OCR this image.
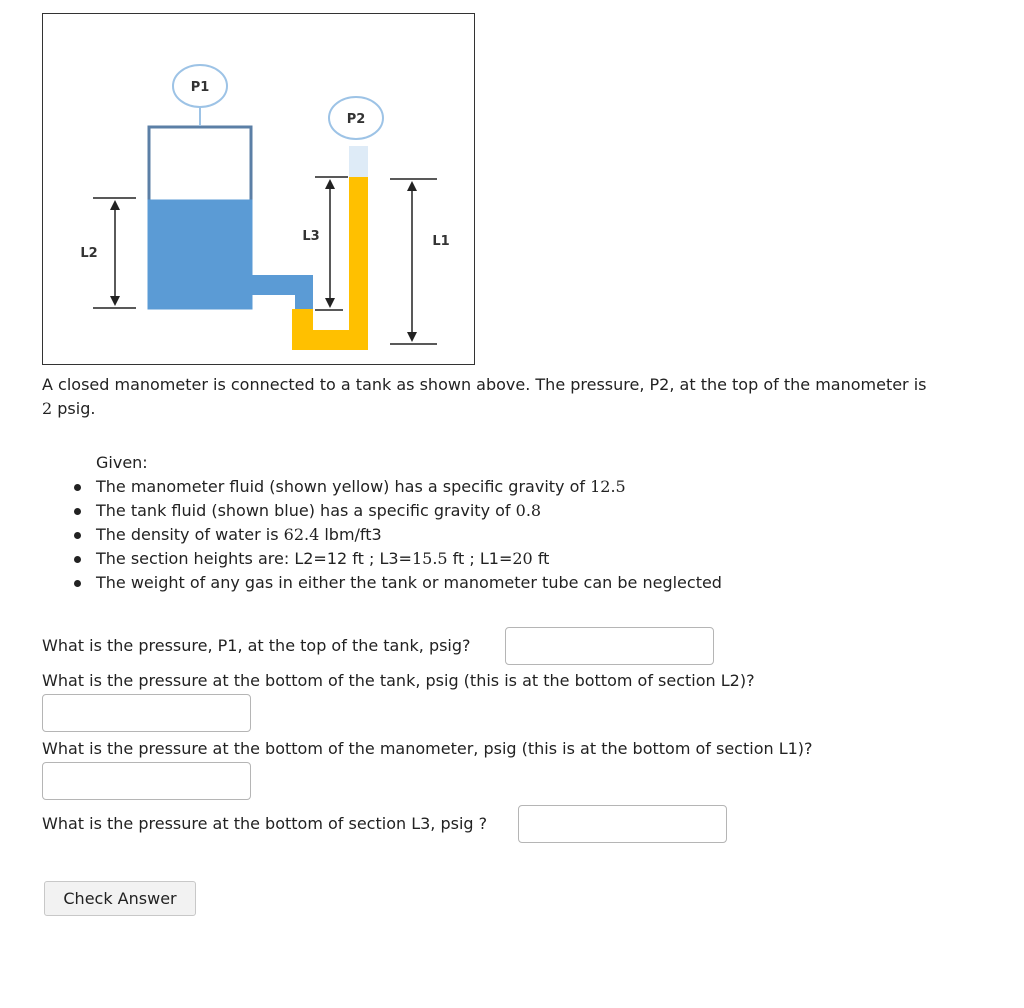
P1
P2
L2
L3	L1
A closed manometer is connected to a tank as shown above. The pressure, P2, at the top of the manometer is
2 psig.
Given:
The manometer fluid (shown yellow) has a specific gravity of 12.5
The tank fluid (shown blue) has a specific gravity of 0.8
The density of water is 62.4 lbm/ft3
The section heights are: L2=12 ft ; L3=15.5 ft ; L1=20 ft
The weight of any gas in either the tank or manometer tube can be neglected
What is the pressure, P1, at the top of the tank, psig?
What is the pressure at the bottom of the tank, psig (this is at the bottom of section L2)?
What is the pressure at the bottom of the manometer, psig (this is at the bottom of section L1)?
What is the pressure at the bottom of section L3, psig ?
Check Answer
